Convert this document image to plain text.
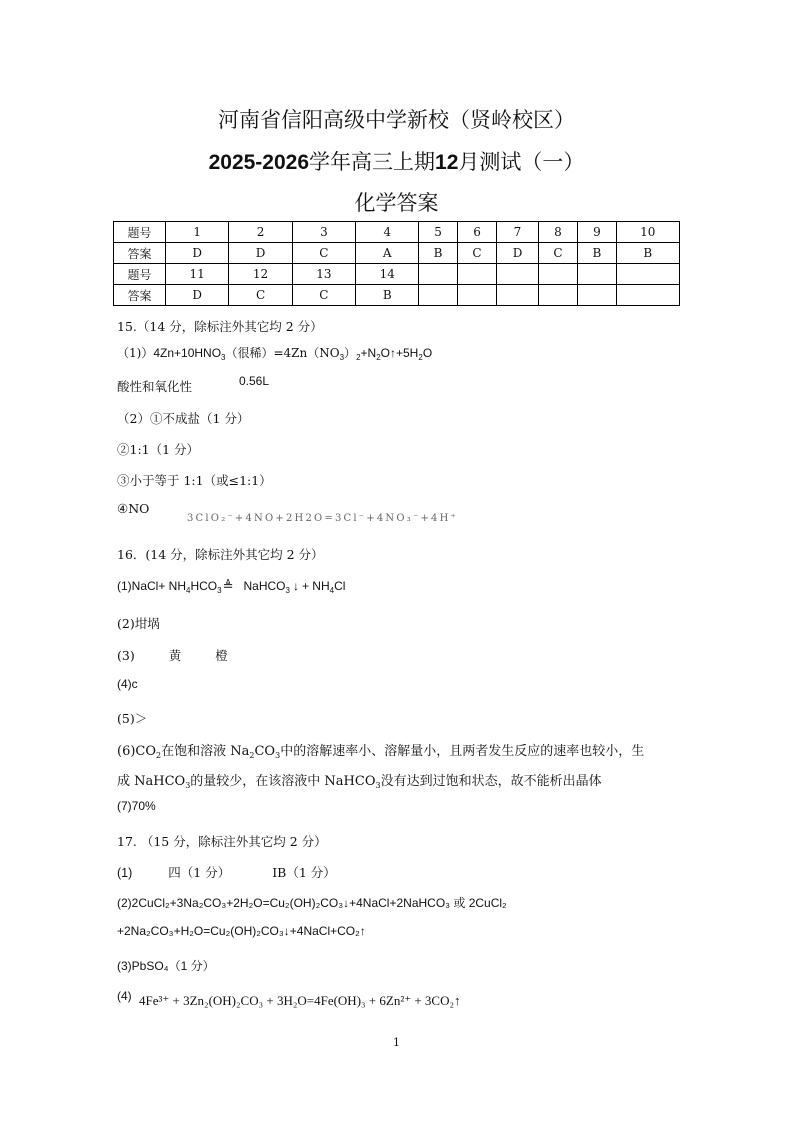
河南省信阳高级中学新校（贤岭校区）
2025-2026学年高三上期12月测试（一）
化学答案
题号	1	2	3	4	5	6	7	8	9	10
答案	D	D	C	A	B	C	D	C	B	B
题号	11	12	13	14						
答案	D	C	C	B						
15.（14 分，除标注外其它均 2 分）
$(1))4Zn+10HNO_3$（很稀）$=4Zn(NO_3)_2+N_2O↑+5H_2O$
酸性和氧化性	0.56L
（2）①不成盐（1 分）
②1:1（1 分）
③小于等于 1:1（或≤1:1）
④NO
3ClO₂⁻+4NO+2H2O=3Cl⁻+4NO₃⁻+4H⁺
16．(14 分，除标注外其它均 2 分）
(1)NaCl+ $NH_4HCO_3≜$ NaHCO$_3$ ↓ + $NH_4Cl$
(2)坩埚
(3)	黄	橙
(4)c
(5)＞
$(6)CO_2$在饱和溶液 $Na_2CO_3$中的溶解速率小、溶解量小，且两者发生反应的速率也较小，生
成 NaHCO$_3$的量较少，在该溶液中 NaHCO$_3$没有达到过饱和状态，故不能析出晶体
(7)70%
17. （15 分，除标注外其它均 2 分）
(1)	四（1 分）	ⅠB（1 分）
(2)2CuCl₂+3Na₂CO₃+2H₂O=Cu₂(OH)₂CO₃↓+4NaCl+2NaHCO₃ 或 2CuCl₂
+2Na₂CO₃+H₂O=Cu₂(OH)₂CO₃↓+4NaCl+CO₂↑
(3)PbSO₄（1 分）
(4) 4Fe³⁺ + 3Zn₂(OH)₂CO₃ + 3H₂O=4Fe(OH)₃ + 6Zn²⁺ + 3CO₂↑
1
